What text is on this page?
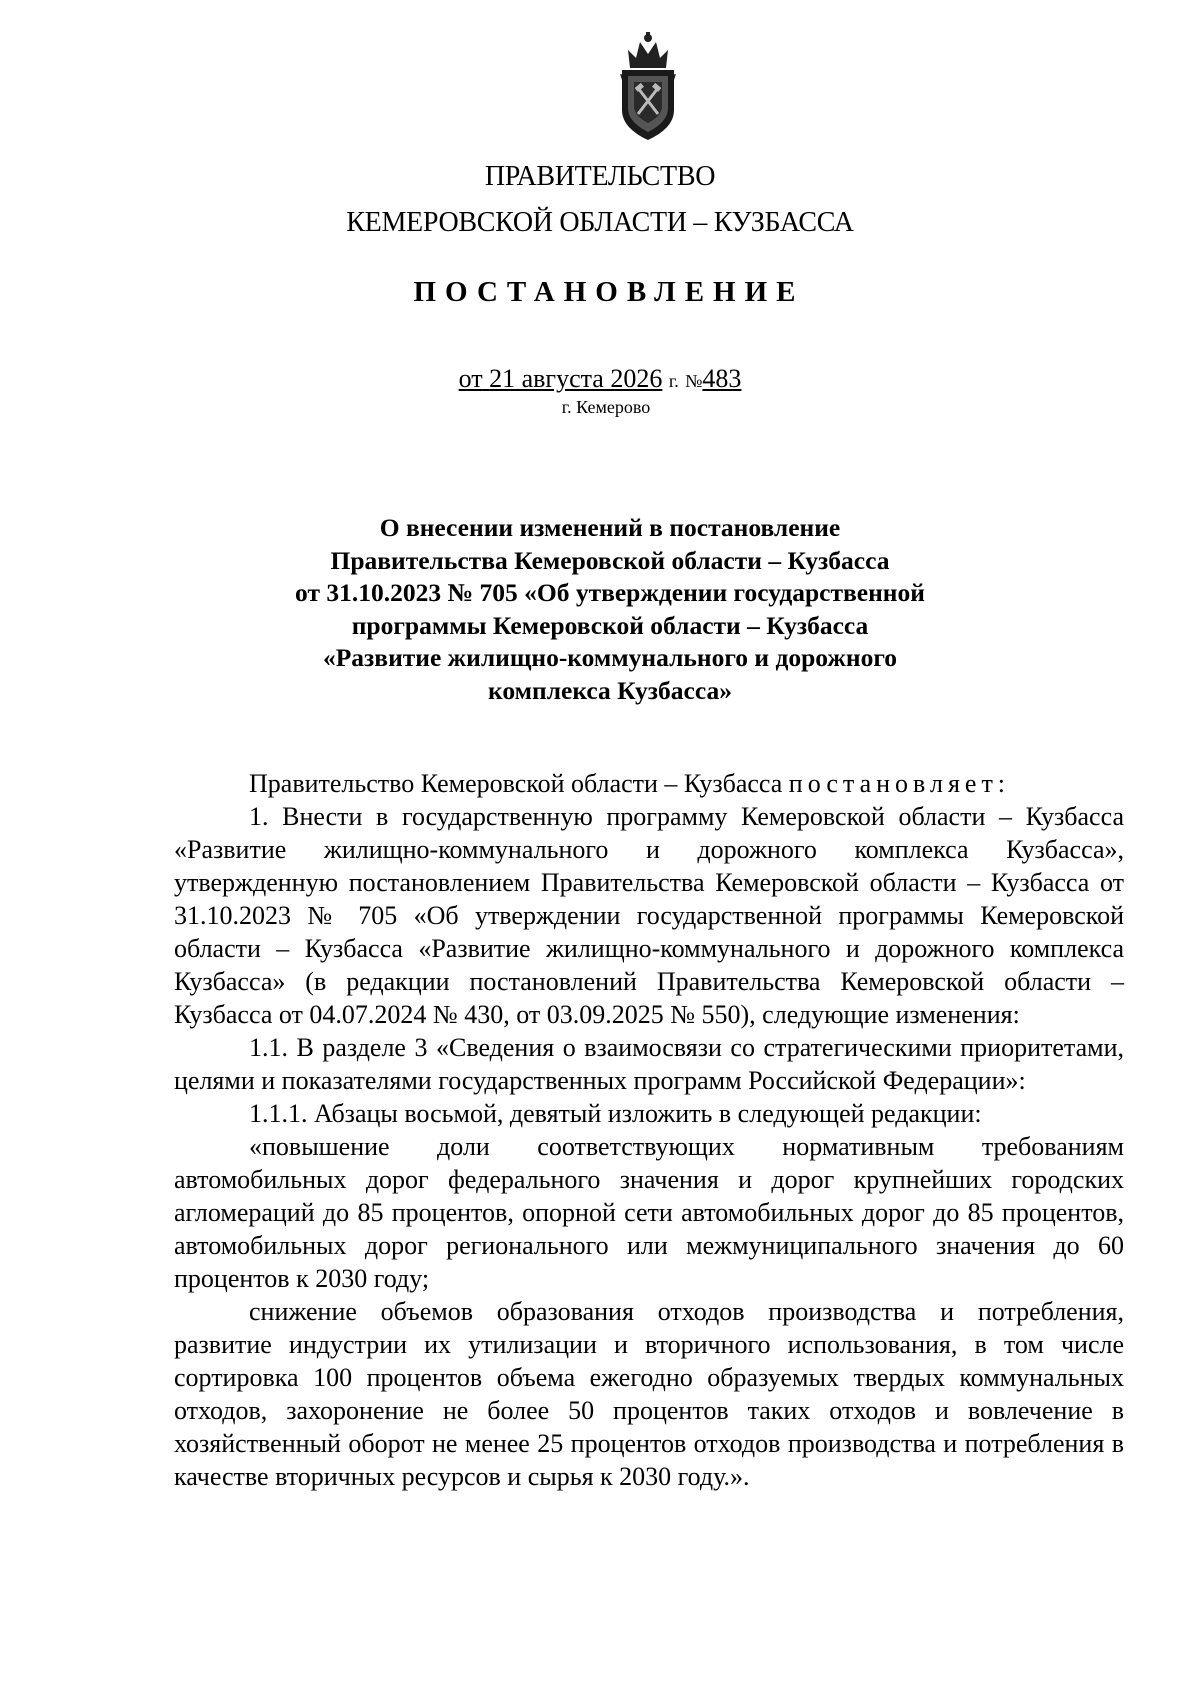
ПРАВИТЕЛЬСТВО
КЕМЕРОВСКОЙ ОБЛАСТИ – КУЗБАССА
ПОСТАНОВЛЕНИЕ
от 21 августа 2026 г. №483
г. Кемерово
О внесении изменений в постановление
Правительства Кемеровской области – Кузбасса
от 31.10.2023 № 705 «Об утверждении государственной
программы Кемеровской области – Кузбасса
«Развитие жилищно-коммунального и дорожного
комплекса Кузбасса»

Правительство Кемеровской области – Кузбасса постановляет:

1. Внести в государственную программу Кемеровской области – Кузбасса «Развитие жилищно-коммунального и дорожного комплекса Кузбасса», утвержденную постановлением Правительства Кемеровской области – Кузбасса от 31.10.2023 № 705 «Об утверждении государственной программы Кемеровской области – Кузбасса «Развитие жилищно-коммунального и дорожного комплекса Кузбасса» (в редакции постановлений Правительства Кемеровской области – Кузбасса от 04.07.2024 № 430, от 03.09.2025 № 550), следующие изменения:

1.1. В разделе 3 «Сведения о взаимосвязи со стратегическими приоритетами, целями и показателями государственных программ Российской Федерации»:

1.1.1. Абзацы восьмой, девятый изложить в следующей редакции:

«повышение доли соответствующих нормативным требованиям автомобильных дорог федерального значения и дорог крупнейших городских агломераций до 85 процентов, опорной сети автомобильных дорог до 85 процентов, автомобильных дорог регионального или межмуниципального значения до 60 процентов к 2030 году;

снижение объемов образования отходов производства и потребления, развитие индустрии их утилизации и вторичного использования, в том числе сортировка 100 процентов объема ежегодно образуемых твердых коммунальных отходов, захоронение не более 50 процентов таких отходов и вовлечение в хозяйственный оборот не менее 25 процентов отходов производства и потребления в качестве вторичных ресурсов и сырья к 2030 году.».
